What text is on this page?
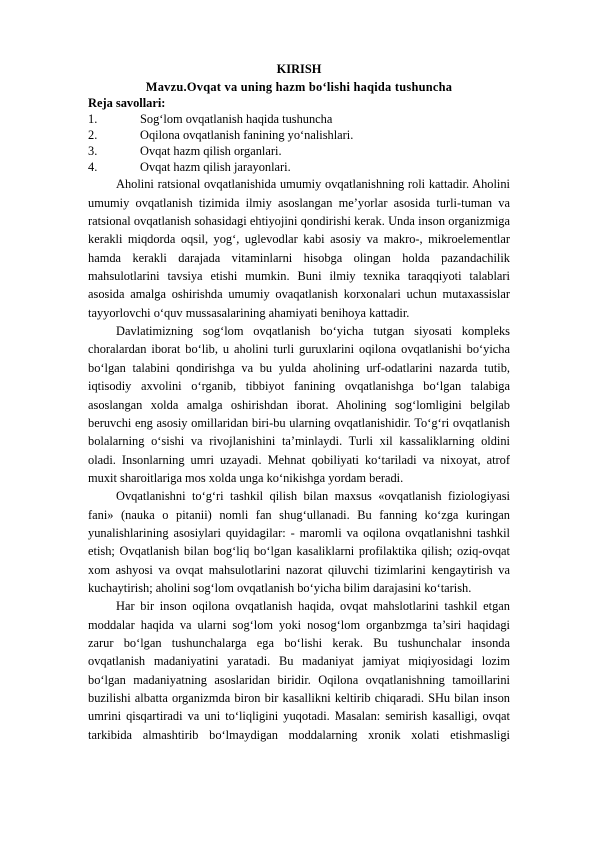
KIRISH

Mavzu.Ovqat va uning hazm bo‘lishi haqida tushuncha

Reja savollari:

1.	Sog‘lom ovqatlanish haqida tushuncha
2.	Oqilona ovqatlanish fanining yo‘nalishlari.
3.	Ovqat hazm qilish organlari.
4.	Ovqat hazm qilish jarayonlari.

Aholini ratsional ovqatlanishida umumiy ovqatlanishning roli kattadir. Aholini umumiy ovqatlanish tizimida ilmiy asoslangan me’yorlar asosida turli-tuman va ratsional ovqatlanish sohasidagi ehtiyojini qondirishi kerak. Unda inson organizmiga kerakli miqdorda oqsil, yog‘, uglevodlar kabi asosiy va makro-, mikroelementlar hamda kerakli darajada vitaminlarni hisobga olingan holda pazandachilik mahsulotlarini tavsiya etishi mumkin. Buni ilmiy texnika taraqqiyoti talablari asosida amalga oshirishda umumiy ovaqatlanish korxonalari uchun mutaxassislar tayyorlovchi o‘quv mussasalarining ahamiyati benihoya kattadir.

Davlatimizning sog‘lom ovqatlanish bo‘yicha tutgan siyosati kompleks choralardan iborat bo‘lib, u aholini turli guruxlarini oqilona ovqatlanishi bo‘yicha bo‘lgan talabini qondirishga va bu yulda aholining urf-odatlarini nazarda tutib, iqtisodiy axvolini o‘rganib, tibbiyot fanining ovqatlanishga bo‘lgan talabiga asoslangan xolda amalga oshirishdan iborat. Aholining sog‘lomligini belgilab beruvchi eng asosiy omillaridan biri-bu ularning ovqatlanishidir. To‘g‘ri ovqatlanish bolalarning o‘sishi va rivojlanishini ta’minlaydi. Turli xil kassaliklarning oldini oladi. Insonlarning umri uzayadi. Mehnat qobiliyati ko‘tariladi va nixoyat, atrof muxit sharoitlariga mos xolda unga ko‘nikishga yordam beradi.

Ovqatlanishni to‘g‘ri tashkil qilish bilan maxsus «ovqatlanish fiziologiyasi fani» (nauka o pitanii) nomli fan shug‘ullanadi. Bu fanning ko‘zga kuringan yunalishlarining asosiylari quyidagilar: - maromli va oqilona ovqatlanishni tashkil etish; Ovqatlanish bilan bog‘liq bo‘lgan kasaliklarni profilaktika qilish; oziq-ovqat xom ashyosi va ovqat mahsulotlarini nazorat qiluvchi tizimlarini kengaytirish va kuchaytirish; aholini sog‘lom ovqatlanish bo‘yicha bilim darajasini ko‘tarish.

Har bir inson oqilona ovqatlanish haqida, ovqat mahslotlarini tashkil etgan moddalar haqida va ularni sog‘lom yoki nosog‘lom organbzmga ta’siri haqidagi zarur bo‘lgan tushunchalarga ega bo‘lishi kerak. Bu tushunchalar insonda ovqatlanish madaniyatini yaratadi. Bu madaniyat jamiyat miqiyosidagi lozim bo‘lgan madaniyatning asoslaridan biridir. Oqilona ovqatlanishning tamoillarini buzilishi albatta organizmda biron bir kasallikni keltirib chiqaradi. SHu bilan inson umrini qisqartiradi va uni to‘liqligini yuqotadi. Masalan: semirish kasalligi, ovqat tarkibida almashtirib bo‘lmaydigan moddalarning xronik xolati etishmasligi
